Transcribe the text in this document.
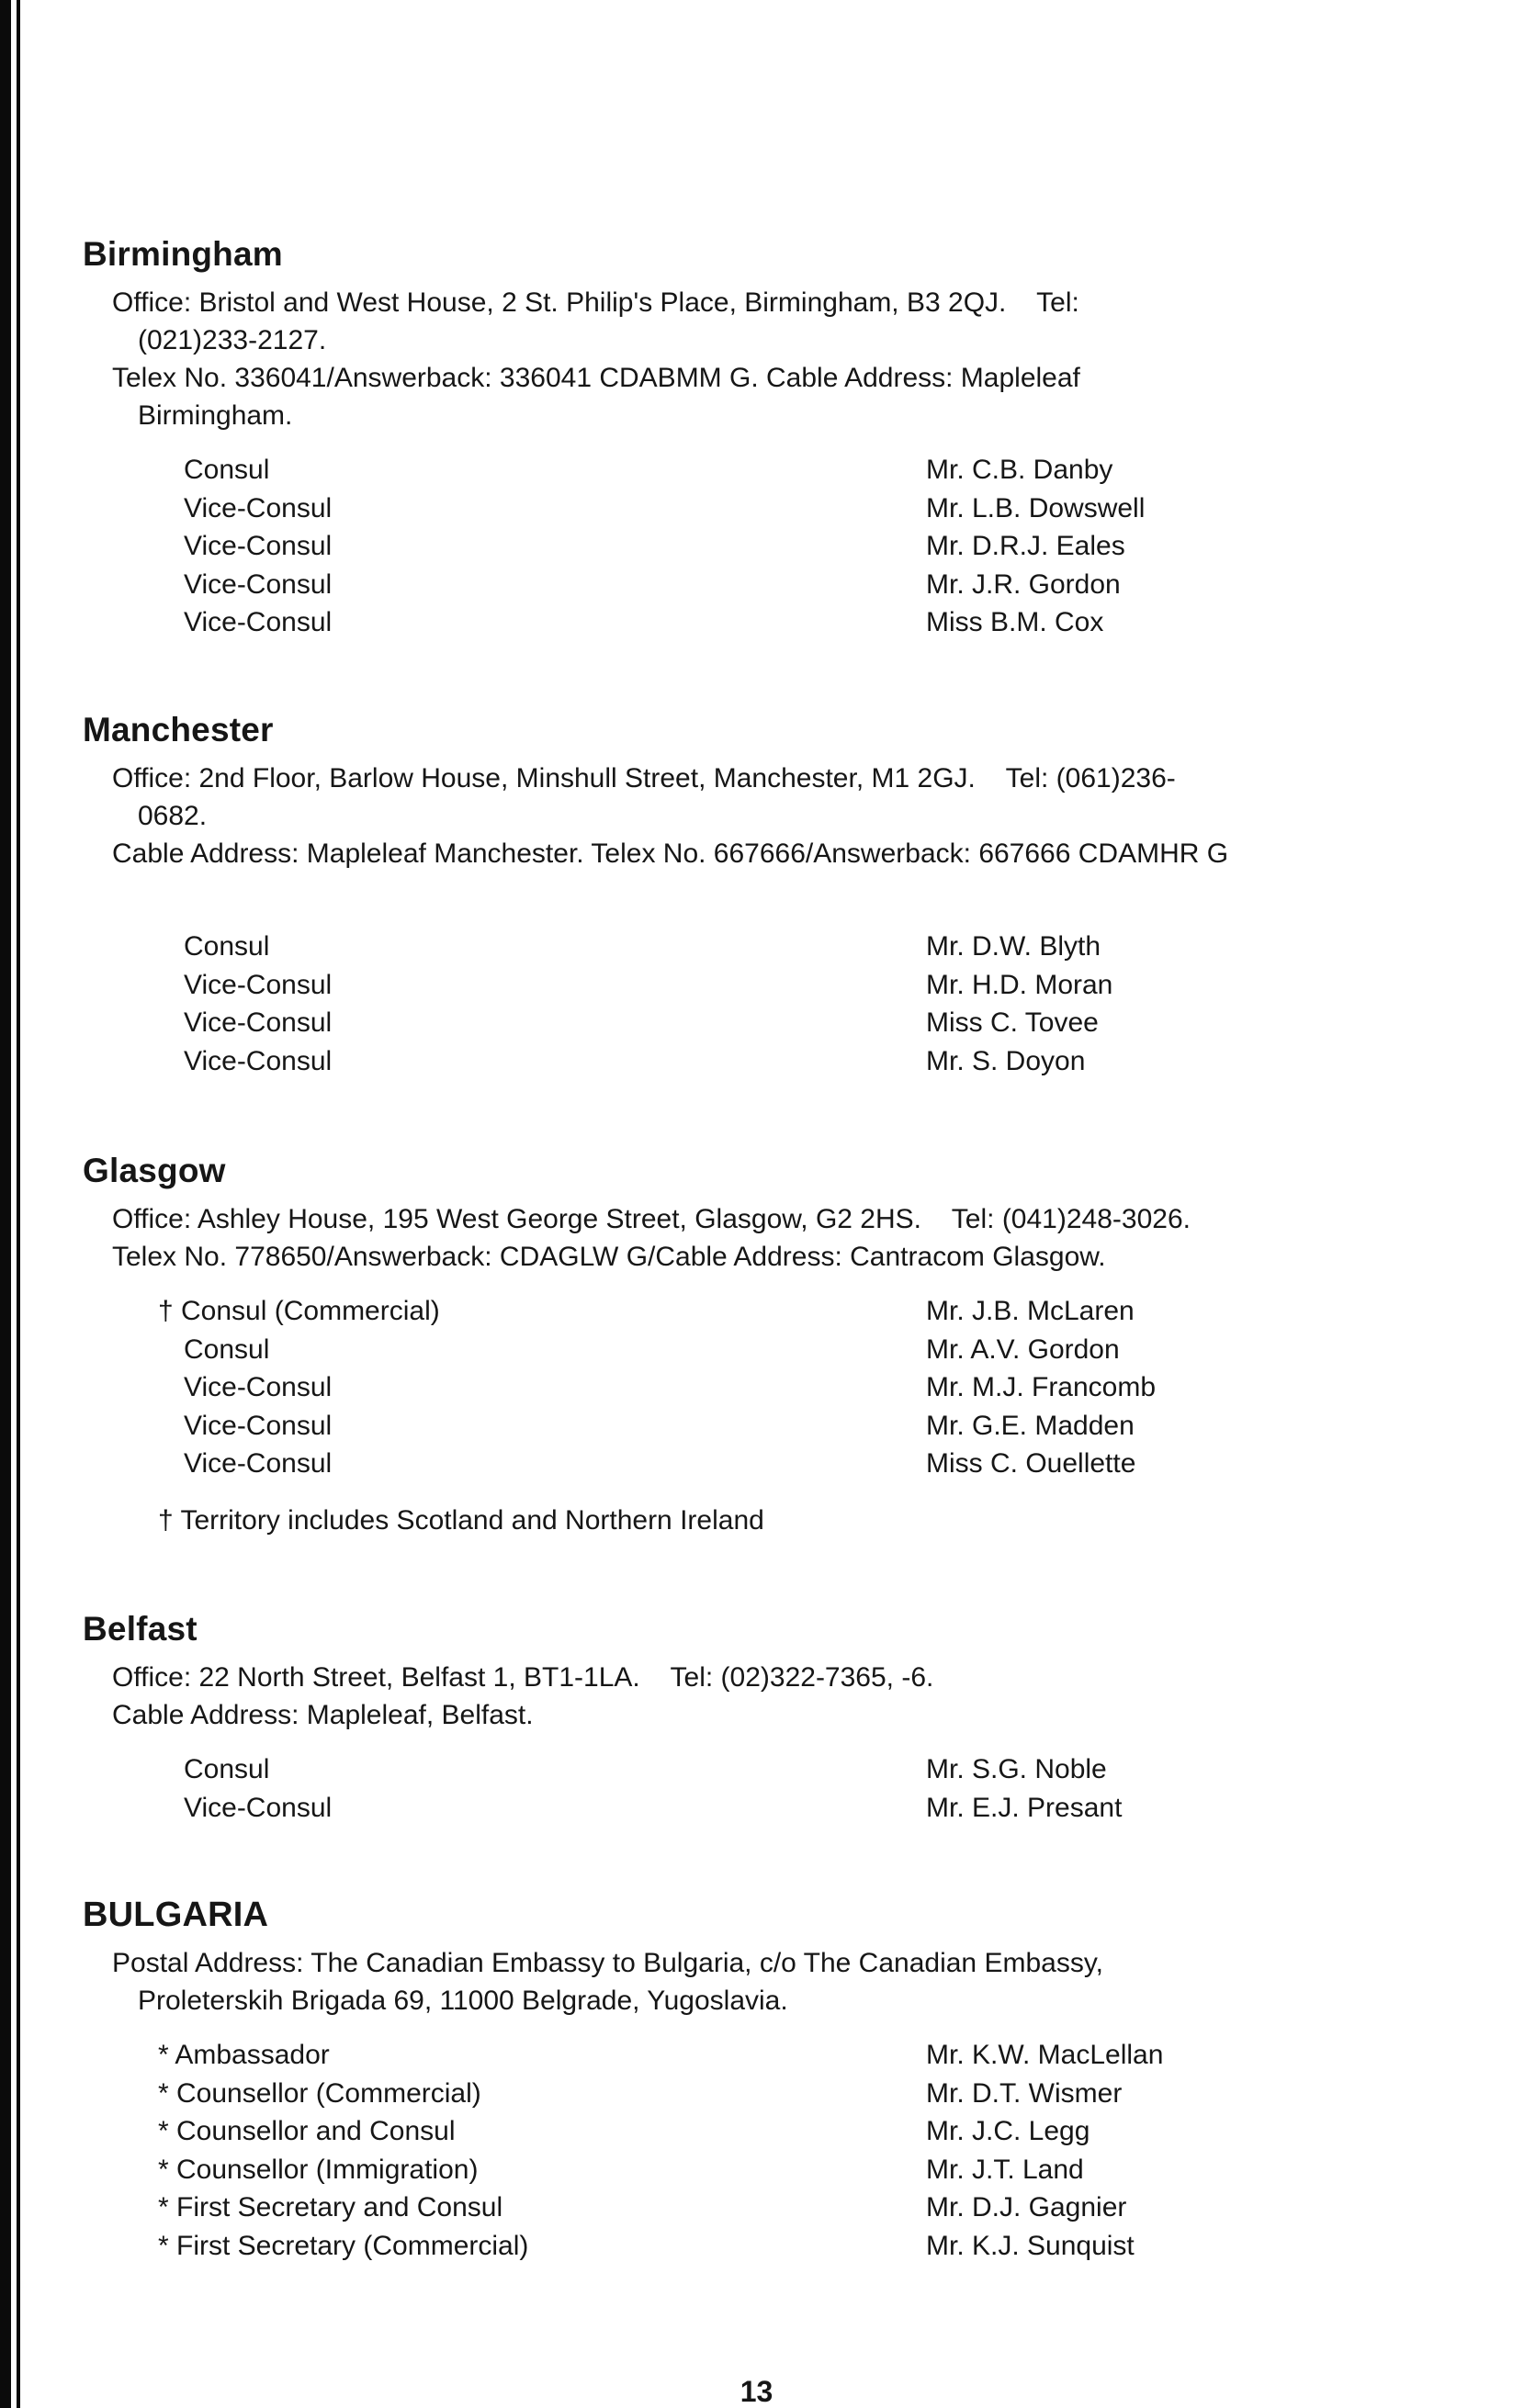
Birmingham
Office: Bristol and West House, 2 St. Philip's Place, Birmingham, B3 2QJ.    Tel:
(021)233-2127.
Telex No. 336041/Answerback: 336041 CDABMM G. Cable Address: Mapleleaf
Birmingham.
Consul	Mr. C.B. Danby
Vice-Consul	Mr. L.B. Dowswell
Vice-Consul	Mr. D.R.J. Eales
Vice-Consul	Mr. J.R. Gordon
Vice-Consul	Miss B.M. Cox
Manchester
Office: 2nd Floor, Barlow House, Minshull Street, Manchester, M1 2GJ.    Tel: (061)236-
0682.
Cable Address: Mapleleaf Manchester. Telex No. 667666/Answerback: 667666 CDAMHR G
Consul	Mr. D.W. Blyth
Vice-Consul	Mr. H.D. Moran
Vice-Consul	Miss C. Tovee
Vice-Consul	Mr. S. Doyon
Glasgow
Office: Ashley House, 195 West George Street, Glasgow, G2 2HS.    Tel: (041)248-3026.
Telex No. 778650/Answerback: CDAGLW G/Cable Address: Cantracom Glasgow.
† Consul (Commercial)	Mr. J.B. McLaren
Consul	Mr. A.V. Gordon
Vice-Consul	Mr. M.J. Francomb
Vice-Consul	Mr. G.E. Madden
Vice-Consul	Miss C. Ouellette
† Territory includes Scotland and Northern Ireland
Belfast
Office: 22 North Street, Belfast 1, BT1-1LA.    Tel: (02)322-7365, -6.
Cable Address: Mapleleaf, Belfast.
Consul	Mr. S.G. Noble
Vice-Consul	Mr. E.J. Presant
BULGARIA
Postal Address: The Canadian Embassy to Bulgaria, c/o The Canadian Embassy,
Proleterskih Brigada 69, 11000 Belgrade, Yugoslavia.
* Ambassador	Mr. K.W. MacLellan
* Counsellor (Commercial)	Mr. D.T. Wismer
* Counsellor and Consul	Mr. J.C. Legg
* Counsellor (Immigration)	Mr. J.T. Land
* First Secretary and Consul	Mr. D.J. Gagnier
* First Secretary (Commercial)	Mr. K.J. Sunquist
13
